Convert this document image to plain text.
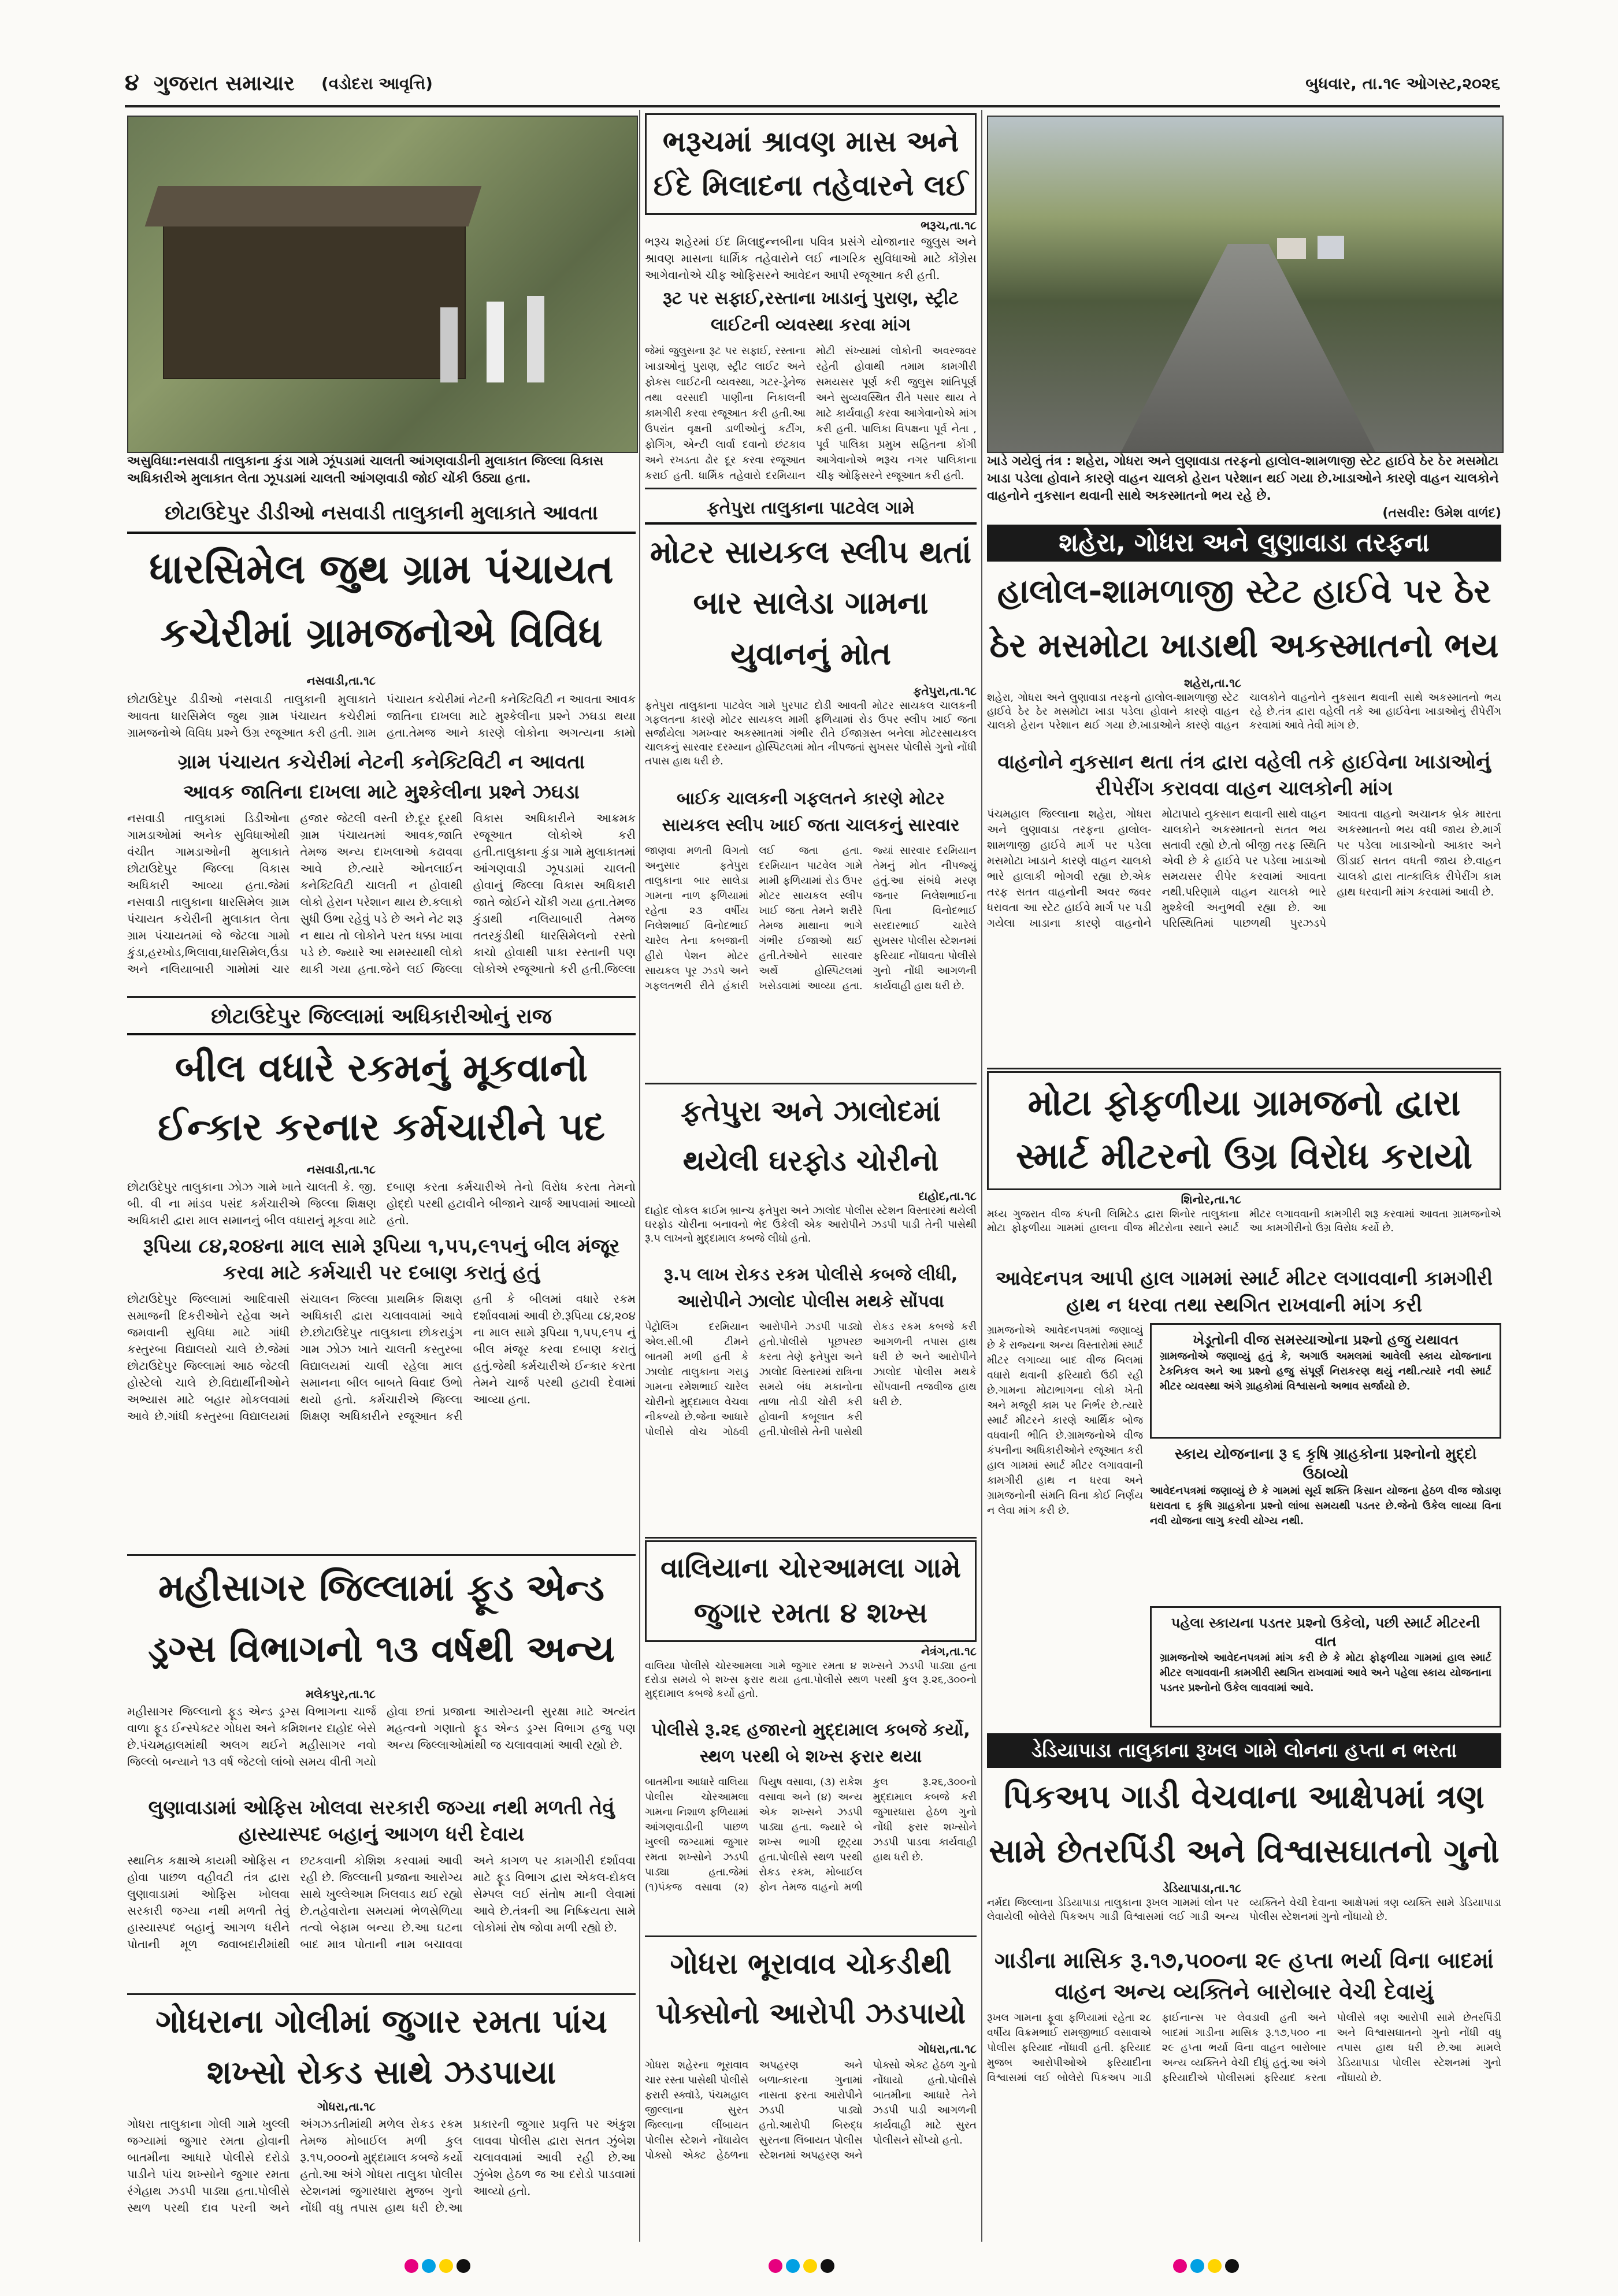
૪ ગુજરાત સમાચાર (વડોદરા આવૃત્તિ)	બુધવાર, તા.૧૯ ઓગસ્ટ,૨૦૨૬
અસુવિધા:નસવાડી તાલુકાના કુંડા ગામે ઝૂંપડામાં ચાલતી આંગણવાડીની મુલાકાત જિલ્લા વિકાસ અધિકારીએ મુલાકાત લેતા ઝૂપડામાં ચાલતી આંગણવાડી જોઈ ચોંકી ઉઠ્યા હતા.
છોટાઉદેપુર ડીડીઓ નસવાડી તાલુકાની મુલાકાતે આવતા
ધારસિમેલ જુથ ગ્રામ પંચાયત કચેરીમાં ગ્રામજનોએ વિવિધ
નસવાડી,તા.૧૮
છોટાઉદેપુર ડીડીઓ નસવાડી તાલુકાની મુલાકાતે આવતા ધારસિમેલ જુથ ગ્રામ પંચાયત કચેરીમાં ગ્રામજનોએ વિવિધ પ્રશ્ને ઉગ્ર રજૂઆત કરી હતી. ગ્રામ પંચાયત કચેરીમાં નેટની કનેક્ટિવિટી ન આવતા આવક જાતિના દાખલા માટે મુશ્કેલીના પ્રશ્ને ઝઘડા થયા હતા.તેમજ આને કારણે લોકોના અગત્યના કામો
ગ્રામ પંચાયત કચેરીમાં નેટની કનેક્ટિવિટી ન આવતા
આવક જાતિના દાખલા માટે મુશ્કેલીના પ્રશ્ને ઝઘડા
નસવાડી તાલુકામાં ડિડીઓના ગામડાઓમાં અનેક સુવિધાઓથી વંચીત ગામડાઓની મુલાકાતે છોટાઉદેપુર જિલ્લા વિકાસ અધિકારી આવ્યા હતા.જેમાં નસવાડી તાલુકાના ધારસિમેલ ગ્રામ પંચાયત કચેરીની મુલાકાત લેતા ગ્રામ પંચાયતમાં જે જેટલા ગામો કુંડા,હરખોડ,ભિલાવા,ધારસિમેલ,ઉંડા અને નલિયાબારી ગામોમાં ચાર હજાર જેટલી વસ્તી છે.દૂર દૂરથી ગ્રામ પંચાયતમાં આવક,જાતિ તેમજ અન્ય દાખલાઓ કઢાવવા આવે છે.ત્યારે ઓનલાઈન કનેક્ટિવિટી ચાલતી ન હોવાથી લોકો હેરાન પરેશાન થાય છે.કલાકો સુધી ઉભા રહેવું પડે છે અને નેટ શરૂ ન થાય તો લોકોને પરત ધક્કા ખાવા પડે છે. જ્યારે આ સમસ્યાથી લોકો થાકી ગયા હતા.જેને લઈ જિલ્લા વિકાસ અધિકારીને આક્રમક રજૂઆત લોકોએ કરી હતી.તાલુકાના કુંડા ગામે મુલાકાતમાં આંગણવાડી ઝૂપડામાં ચાલતી હોવાનું જિલ્લા વિકાસ અધિકારી જાતે જોઈને ચોંકી ગયા હતા.તેમજ કુંડાથી નલિયાબારી તેમજ તતરકુંડીથી ધારસિમેલનો રસ્તો કાચો હોવાથી પાકા રસ્તાની પણ લોકોએ રજૂઆતો કરી હતી.જિલ્લા
છોટાઉદેપુર જિલ્લામાં અધિકારીઓનું રાજ
બીલ વધારે રકમનું મૂકવાનો ઈન્કાર કરનાર કર્મચારીને પદ
નસવાડી,તા.૧૮
છોટાઉદેપુર તાલુકાના ઝોઝ ગામે ખાતે ચાલતી કે. જી. બી. વી ના માંડવ પસંદ કર્મચારીએ જિલ્લા શિક્ષણ અધિકારી દ્વારા માલ સમાનનું બીલ વધારાનું મૂકવા માટે દબાણ કરતા કર્મચારીએ તેનો વિરોધ કરતા તેમનો હોદ્દો પરથી હટાવીને બીજાને ચાર્જ આપવામાં આવ્યો હતો.
રૂપિયા ૮૪,૨૦૪ના માલ સામે રૂપિયા ૧,૫૫,૯૧૫નું બીલ મંજૂર કરવા માટે કર્મચારી પર દબાણ કરાતું હતું
છોટાઉદેપુર જિલ્લામાં આદિવાસી સમાજની દિકરીઓને રહેવા અને જમવાની સુવિધા માટે ગાંધી કસ્તુરબા વિદ્યાલયો ચાલે છે.જેમાં છોટાઉદેપુર જિલ્લામાં આઠ જેટલી હોસ્ટેલો ચાલે છે.વિદ્યાર્થીનીઓને અભ્યાસ માટે બહાર મોકલવામાં આવે છે.ગાંધી કસ્તુરબા વિદ્યાલયમાં સંચાલન જિલ્લા પ્રાથમિક શિક્ષણ અધિકારી દ્વારા ચલાવવામાં આવે છે.છોટાઉદેપુર તાલુકાના છોકરાડુંગ ગામ ઝોઝ ખાતે ચાલતી કસ્તુરબા વિદ્યાલયમાં ચાલી રહેલા માલ સમાનના બીલ બાબતે વિવાદ ઉભો થયો હતો. કર્મચારીએ જિલ્લા શિક્ષણ અધિકારીને રજૂઆત કરી હતી કે બીલમાં વધારે રકમ દર્શાવવામાં આવી છે.રૂપિયા ૮૪,૨૦૪ ના માલ સામે રૂપિયા ૧,૫૫,૯૧૫ નું બીલ મંજૂર કરવા દબાણ કરાતું હતું.જેથી કર્મચારીએ ઈન્કાર કરતા તેમને ચાર્જ પરથી હટાવી દેવામાં આવ્યા હતા.
મહીસાગર જિલ્લામાં ફૂડ એન્ડ ડ્રગ્સ વિભાગનો ૧૩ વર્ષથી અન્ય
મલેકપુર,તા.૧૮
મહીસાગર જિલ્લાનો ફૂડ એન્ડ ડ્રગ્સ વિભાગના ચાર્જ વાળા ફૂડ ઈન્સ્પેક્ટર ગોધરા અને કમિશનર દાહોદ બેસે છે.પંચમહાલમાંથી અલગ થઈને મહીસાગર નવો જિલ્લો બન્યાને ૧૩ વર્ષ જેટલો લાંબો સમય વીતી ગયો હોવા છતાં પ્રજાના આરોગ્યની સુરક્ષા માટે અત્યંત મહત્વનો ગણાતો ફૂડ એન્ડ ડ્રગ્સ વિભાગ હજુ પણ અન્ય જિલ્લાઓમાંથી જ ચલાવવામાં આવી રહ્યો છે.
લુણાવાડામાં ઓફિસ ખોલવા સરકારી જગ્યા નથી મળતી તેવું હાસ્યાસ્પદ બહાનું આગળ ધરી દેવાય
સ્થાનિક કક્ષાએ કાયમી ઓફિસ ન હોવા પાછળ વહીવટી તંત્ર દ્વારા લુણાવાડામાં ઓફિસ ખોલવા સરકારી જગ્યા નથી મળતી તેવું હાસ્યાસ્પદ બહાનું આગળ ધરીને પોતાની મૂળ જવાબદારીમાંથી છટકવાની કોશિશ કરવામાં આવી રહી છે. જિલ્લાની પ્રજાના આરોગ્ય સાથે ખુલ્લેઆમ ખિલવાડ થઈ રહ્યો છે.તહેવારોના સમયમાં ભેળસેળિયા તત્વો બેફામ બન્યા છે.આ ઘટના બાદ માત્ર પોતાની નામ બચાવવા અને કાગળ પર કામગીરી દર્શાવવા માટે ફૂડ વિભાગ દ્વારા એકલ-દોકલ સેમ્પલ લઈ સંતોષ માની લેવામાં આવે છે.તંત્રની આ નિષ્ક્રિયતા સામે લોકોમાં રોષ જોવા મળી રહ્યો છે.
ગોધરાના ગોલીમાં જુગાર રમતા પાંચ શખ્સો રોકડ સાથે ઝડપાયા
ગોધરા,તા.૧૮
ગોધરા તાલુકાના ગોલી ગામે ખુલ્લી જગ્યામાં જુગાર રમતા હોવાની બાતમીના આધારે પોલીસે દરોડો પાડીને પાંચ શખ્સોને જુગાર રમતા રંગેહાથ ઝડપી પાડ્યા હતા.પોલીસે સ્થળ પરથી દાવ પરની અને અંગઝડતીમાંથી મળેલ રોકડ રકમ તેમજ મોબાઈલ મળી કુલ રૂ.૧૫,૦૦૦નો મુદ્દામાલ કબજે કર્યો હતો.આ અંગે ગોધરા તાલુકા પોલીસ સ્ટેશનમાં જુગારધારા મુજબ ગુનો નોંધી વધુ તપાસ હાથ ધરી છે.આ પ્રકારની જુગાર પ્રવૃત્તિ પર અંકુશ લાવવા પોલીસ દ્વારા સતત ઝુંબેશ ચલાવવામાં આવી રહી છે.આ ઝુંબેશ હેઠળ જ આ દરોડો પાડવામાં આવ્યો હતો.
ભરૂચમાં શ્રાવણ માસ અને ઈદે મિલાદના તહેવારને લઈ
ભરૂચ,તા.૧૮
ભરૂચ શહેરમાં ઈદ મિલાદુન્નબીના પવિત્ર પ્રસંગે યોજાનાર જુલુસ અને શ્રાવણ માસના ધાર્મિક તહેવારોને લઈ નાગરિક સુવિધાઓ માટે કોંગ્રેસ આગેવાનોએ ચીફ ઓફિસરને આવેદન આપી રજૂઆત કરી હતી.
રૂટ પર સફાઈ,રસ્તાના ખાડાનું પુરાણ, સ્ટ્રીટ લાઈટની વ્યવસ્થા કરવા માંગ
જેમાં જુલુસના રૂટ પર સફાઈ, રસ્તાના ખાડાઓનું પુરાણ, સ્ટ્રીટ લાઈટ અને ફોકસ લાઈટની વ્યવસ્થા, ગટર-ડ્રેનેજ તથા વરસાદી પાણીના નિકાલની કામગીરી કરવા રજૂઆત કરી હતી.આ ઉપરાંત વૃક્ષની ડાળીઓનું કટીંગ, ફોગિંગ, એન્ટી લાર્વા દવાનો છંટકાવ અને રખડતા ઢોર દૂર કરવા રજૂઆત કરાઈ હતી. ધાર્મિક તહેવારો દરમિયાન મોટી સંખ્યામાં લોકોની અવરજવર રહેતી હોવાથી તમામ કામગીરી સમયસર પૂર્ણ કરી જુલુસ શાંતિપૂર્ણ અને સુવ્યવસ્થિત રીતે પસાર થાય તે માટે કાર્યવાહી કરવા આગેવાનોએ માંગ કરી હતી. પાલિકા વિપક્ષના પૂર્વ નેતા , પૂર્વ પાલિકા પ્રમુખ સહિતના કોંગી આગેવાનોએ ભરૂચ નગર પાલિકાના ચીફ ઓફિસરને રજૂઆત કરી હતી.
ફતેપુરા તાલુકાના પાટવેલ ગામે
મોટર સાયકલ સ્લીપ થતાં બાર સાલેડા ગામના યુવાનનું મોત
ફતેપુરા,તા.૧૮
ફતેપુરા તાલુકાના પાટવેલ ગામે પુરપાટ દોડી આવતી મોટર સાયકલ ચાલકની ગફલતના કારણે મોટર સાયકલ મામી ફળિયામાં રોડ ઉપર સ્લીપ ખાઈ જતા સર્જાયેલા ગમખ્વાર અકસ્માતમાં ગંભીર રીતે ઈજાગ્રસ્ત બનેલા મોટરસાયકલ ચાલકનું સારવાર દરમ્યાન હોસ્પિટલમાં મોત નીપજતાં સુખસર પોલીસે ગુનો નોંધી તપાસ હાથ ધરી છે.
બાઈક ચાલકની ગફલતને કારણે મોટર સાયકલ સ્લીપ ખાઈ જતા ચાલકનું સારવાર
જાણવા મળતી વિગતો અનુસાર ફતેપુરા તાલુકાના બાર સાલેડા ગામના નાળ ફળિયામાં રહેતા ૨૩ વર્ષીય નિલેશભાઈ વિનોદભાઈ ચારેલ તેના કબજાની હીરો પેશન મોટર સાયકલ પૂર ઝડપે અને ગફલતભરી રીતે હંકારી લઈ જતા હતા. દરમિયાન પાટવેલ ગામે મામી ફળિયામાં રોડ ઉપર મોટર સાયકલ સ્લીપ ખાઈ જતા તેમને શરીરે તેમજ માથાના ભાગે ગંભીર ઈજાઓ થઈ હતી.તેઓને સારવાર અર્થે હોસ્પિટલમાં ખસેડવામાં આવ્યા હતા. જ્યાં સારવાર દરમિયાન તેમનું મોત નીપજ્યું હતું.આ સંબંધે મરણ જનાર નિલેશભાઈના પિતા વિનોદભાઈ સરદારભાઈ ચારેલે સુખસર પોલીસ સ્ટેશનમાં ફરિયાદ નોંધાવતા પોલીસે ગુનો નોંધી આગળની કાર્યવાહી હાથ ધરી છે.
ફતેપુરા અને ઝાલોદમાં થયેલી ઘરફોડ ચોરીનો
દાહોદ,તા.૧૮
દાહોદ લોકલ ક્રાઈમ બ્રાન્ચ ફતેપુરા અને ઝાલોદ પોલીસ સ્ટેશન વિસ્તારમાં થયેલી ઘરફોડ ચોરીના બનાવનો ભેદ ઉકેલી એક આરોપીને ઝડપી પાડી તેની પાસેથી રૂ.૫ લાખનો મુદ્દામાલ કબજે લીધો હતો.
રૂ.૫ લાખ રોકડ રકમ પોલીસે કબજે લીધી, આરોપીને ઝાલોદ પોલીસ મથકે સોંપવા
પેટ્રોલિંગ દરમિયાન એલ.સી.બી ટીમને બાતમી મળી હતી કે ઝાલોદ તાલુકાના ગરાડુ ગામના રમેશભાઈ ચારેલ ચોરીનો મુદ્દામાલ વેચવા નીકળ્યો છે.જેના આધારે પોલીસે વોચ ગોઠવી આરોપીને ઝડપી પાડ્યો હતો.પોલીસે પૂછપરછ કરતા તેણે ફતેપુરા અને ઝાલોદ વિસ્તારમાં રાત્રિના સમયે બંધ મકાનોના તાળા તોડી ચોરી કરી હોવાની કબૂલાત કરી હતી.પોલીસે તેની પાસેથી રોકડ રકમ કબજે કરી આગળની તપાસ હાથ ધરી છે અને આરોપીને ઝાલોદ પોલીસ મથકે સોંપવાની તજવીજ હાથ ધરી છે.
વાલિયાના ચોરઆમલા ગામે જુગાર રમતા ૪ શખ્સ
નેત્રંગ,તા.૧૮
વાલિયા પોલીસે ચોરઆમલા ગામે જુગાર રમતા ૪ શખ્સને ઝડપી પાડ્યા હતા દરોડા સમયે બે શખ્સ ફરાર થયા હતા.પોલીસે સ્થળ પરથી કુલ રૂ.૨૬,૩૦૦નો મુદ્દામાલ કબજે કર્યો હતો.
પોલીસે રૂ.૨૬ હજારનો મુદ્દામાલ કબજે કર્યો, સ્થળ પરથી બે શખ્સ ફરાર થયા
બાતમીના આધારે વાલિયા પોલીસ ચોરઆમલા ગામના નિશાળ ફળિયામાં આંગણવાડીની પાછળ ખુલ્લી જગ્યામાં જુગાર રમતા શખ્સોને ઝડપી પાડ્યા હતા.જેમાં (૧)પંકજ વસાવા (૨) પિયુષ વસાવા, (૩) રાકેશ વસાવા અને (૪) અન્ય એક શખ્સને ઝડપી પાડ્યા હતા. જ્યારે બે શખ્સ ભાગી છૂટ્યા હતા.પોલીસે સ્થળ પરથી રોકડ રકમ, મોબાઈલ ફોન તેમજ વાહનો મળી કુલ રૂ.૨૬,૩૦૦નો મુદ્દામાલ કબજે કરી જુગારધારા હેઠળ ગુનો નોંધી ફરાર શખ્સોને ઝડપી પાડવા કાર્યવાહી હાથ ધરી છે.
ગોધરા ભૂરાવાવ ચોકડીથી પોક્સોનો આરોપી ઝડપાયો
ગોધરા,તા.૧૮
ગોધરા શહેરના ભૂરાવાવ ચાર રસ્તા પાસેથી પોલીસે ફરારી સ્ક્વૉડે, પંચમહાલ જીલ્લાના સુરત જિલ્લાના લીંબાયત પોલીસ સ્ટેશને નોંધાયેલ પોક્સો એક્ટ હેઠળના અપહરણ અને બળાત્કારના ગુનામાં નાસતા ફરતા આરોપીને ઝડપી પાડ્યો હતો.આરોપી બિરુદ્ધ સુરતના લિંબાયત પોલીસ સ્ટેશનમાં અપહરણ અને પોક્સો એક્ટ હેઠળ ગુનો નોંધાયો હતો.પોલીસે બાતમીના આધારે તેને ઝડપી પાડી આગળની કાર્યવાહી માટે સુરત પોલીસને સોંપ્યો હતો.
ખાડે ગયેલું તંત્ર : શહેરા, ગોધરા અને લુણાવાડા તરફનો હાલોલ-શામળાજી સ્ટેટ હાઈવે ઠેર ઠેર મસમોટા ખાડા પડેલા હોવાને કારણે વાહન ચાલકો હેરાન પરેશાન થઈ ગયા છે.ખાડાઓને કારણે વાહન ચાલકોને વાહનોને નુકસાન થવાની સાથે અકસ્માતનો ભય રહે છે.
(તસવીર: ઉમેશ વાળંદ)
શહેરા, ગોધરા અને લુણાવાડા તરફના
હાલોલ-શામળાજી સ્ટેટ હાઈવે પર ઠેર ઠેર મસમોટા ખાડાથી અકસ્માતનો ભય
શહેરા,તા.૧૮
શહેરા, ગોધરા અને લુણાવાડા તરફનો હાલોલ-શામળાજી સ્ટેટ હાઈવે ઠેર ઠેર મસમોટા ખાડા પડેલા હોવાને કારણે વાહન ચાલકો હેરાન પરેશાન થઈ ગયા છે.ખાડાઓને કારણે વાહન ચાલકોને વાહનોને નુકસાન થવાની સાથે અકસ્માતનો ભય રહે છે.તંત્ર દ્વારા વહેલી તકે આ હાઈવેના ખાડાઓનું રીપેરીંગ કરવામાં આવે તેવી માંગ છે.
વાહનોને નુકસાન થતા તંત્ર દ્વારા વહેલી તકે હાઈવેના ખાડાઓનું રીપેરીંગ કરાવવા વાહન ચાલકોની માંગ
પંચમહાલ જિલ્લાના શહેરા, ગોધરા અને લુણાવાડા તરફના હાલોલ-શામળાજી હાઈવે માર્ગ પર પડેલા મસમોટા ખાડાને કારણે વાહન ચાલકો ભારે હાલાકી ભોગવી રહ્યા છે.એક તરફ સતત વાહનોની અવર જવર ધરાવતા આ સ્ટેટ હાઈવે માર્ગ પર પડી ગયેલા ખાડાના કારણે વાહનોને મોટાપાયે નુકસાન થવાની સાથે વાહન ચાલકોને અકસ્માતનો સતત ભય સતાવી રહ્યો છે.તો બીજી તરફ સ્થિતિ એવી છે કે હાઈવે પર પડેલા ખાડાઓ સમયસર રીપેર કરવામાં આવતા નથી.પરિણામે વાહન ચાલકો ભારે મુશ્કેલી અનુભવી રહ્યા છે. આ પરિસ્થિતિમાં પાછળથી પુરઝડપે આવતા વાહનો અચાનક બ્રેક મારતા અકસ્માતનો ભય વધી જાય છે.માર્ગ પર પડેલા ખાડાઓનો આકાર અને ઊંડાઈ સતત વધતી જાય છે.વાહન ચાલકો દ્વારા તાત્કાલિક રીપેરીંગ કામ હાથ ધરવાની માંગ કરવામાં આવી છે.
મોટા ફોફળીયા ગ્રામજનો દ્વારા સ્માર્ટ મીટરનો ઉગ્ર વિરોધ કરાયો
શિનોર,તા.૧૮
મધ્ય ગુજરાત વીજ કંપની લિમિટેડ દ્વારા શિનોર તાલુકાના મોટા ફોફળીયા ગામમાં હાલના વીજ મીટરોના સ્થાને સ્માર્ટ મીટર લગાવવાની કામગીરી શરૂ કરવામાં આવતા ગ્રામજનોએ આ કામગીરીનો ઉગ્ર વિરોધ કર્યો છે.
આવેદનપત્ર આપી હાલ ગામમાં સ્માર્ટ મીટર લગાવવાની કામગીરી હાથ ન ધરવા તથા સ્થગિત રાખવાની માંગ કરી
ગ્રામજનોએ આવેદનપત્રમાં જણાવ્યું છે કે રાજ્યના અન્ય વિસ્તારોમાં સ્માર્ટ મીટર લગાવ્યા બાદ વીજ બિલમાં વધારો થવાની ફરિયાદો ઉઠી રહી છે.ગામના મોટાભાગના લોકો ખેતી અને મજૂરી કામ પર નિર્ભર છે.ત્યારે સ્માર્ટ મીટરને કારણે આર્થિક બોજ વધવાની ભીતિ છે.ગ્રામજનોએ વીજ કંપનીના અધિકારીઓને રજૂઆત કરી હાલ ગામમાં સ્માર્ટ મીટર લગાવવાની કામગીરી હાથ ન ધરવા અને ગ્રામજનોની સંમતિ વિના કોઈ નિર્ણય ન લેવા માંગ કરી છે.
ખેડૂતોની વીજ સમસ્યાઓના પ્રશ્નો હજુ યથાવત
ગ્રામજનોએ જણાવ્યું હતું કે, અગાઉ અમલમાં આવેલી સ્કાય યોજનાના ટેકનિકલ અને આ પ્રશ્નો હજુ સંપૂર્ણ નિરાકરણ થયું નથી.ત્યારે નવી સ્માર્ટ મીટર વ્યવસ્થા અંગે ગ્રાહકોમાં વિશ્વાસનો અભાવ સર્જાયો છે.
સ્કાય યોજનાના રૂ ૬ કૃષિ ગ્રાહકોના પ્રશ્નોનો મુદ્દો ઉઠાવ્યો
આવેદનપત્રમાં જણાવ્યું છે કે ગામમાં સૂર્ય શક્તિ કિસાન યોજના હેઠળ વીજ જોડાણ ધરાવતા ૬ કૃષિ ગ્રાહકોના પ્રશ્નો લાંબા સમયથી પડતર છે.જેનો ઉકેલ લાવ્યા વિના નવી યોજના લાગુ કરવી યોગ્ય નથી.
પહેલા સ્કાયના પડતર પ્રશ્નો ઉકેલો, પછી સ્માર્ટ મીટરની વાત
ગ્રામજનોએ આવેદનપત્રમાં માંગ કરી છે કે મોટા ફોફળીયા ગામમાં હાલ સ્માર્ટ મીટર લગાવવાની કામગીરી સ્થગિત રાખવામાં આવે અને પહેલા સ્કાય યોજનાના પડતર પ્રશ્નોનો ઉકેલ લાવવામાં આવે.
ડેડિયાપાડા તાલુકાના રૂખલ ગામે લોનના હપ્તા ન ભરતા
પિકઅપ ગાડી વેચવાના આક્ષેપમાં ત્રણ સામે છેતરપિંડી અને વિશ્વાસઘાતનો ગુનો
ડેડિયાપાડા,તા.૧૮
નર્મદા જિલ્લાના ડેડિયાપાડા તાલુકાના રૂખલ ગામમાં લોન પર લેવાયેલી બોલેરો પિકઅપ ગાડી વિશ્વાસમાં લઈ ગાડી અન્ય વ્યક્તિને વેચી દેવાના આક્ષેપમાં ત્રણ વ્યક્તિ સામે ડેડિયાપાડા પોલીસ સ્ટેશનમાં ગુનો નોંધાયો છે.
ગાડીના માસિક રૂ.૧૭,૫૦૦ના ૨૯ હપ્તા ભર્યા વિના બાદમાં વાહન અન્ય વ્યક્તિને બારોબાર વેચી દેવાયું
રૂખલ ગામના ફૂવા ફળિયામાં રહેતા ૨૮ વર્ષીય વિક્રમભાઈ રામજીભાઈ વસાવાએ પોલીસ ફરિયાદ નોંધાવી હતી. ફરિયાદ મુજબ આરોપીઓએ ફરિયાદીના વિશ્વાસમાં લઈ બોલેરો પિકઅપ ગાડી ફાઈનાન્સ પર લેવડાવી હતી અને બાદમાં ગાડીના માસિક રૂ.૧૭,૫૦૦ ના ૨૯ હપ્તા ભર્યા વિના વાહન બારોબાર અન્ય વ્યક્તિને વેચી દીધું હતું.આ અંગે ફરિયાદીએ પોલીસમાં ફરિયાદ કરતા પોલીસે ત્રણ આરોપી સામે છેતરપિંડી અને વિશ્વાસઘાતનો ગુનો નોંધી વધુ તપાસ હાથ ધરી છે.આ મામલે ડેડિયાપાડા પોલીસ સ્ટેશનમાં ગુનો નોંધાયો છે.
